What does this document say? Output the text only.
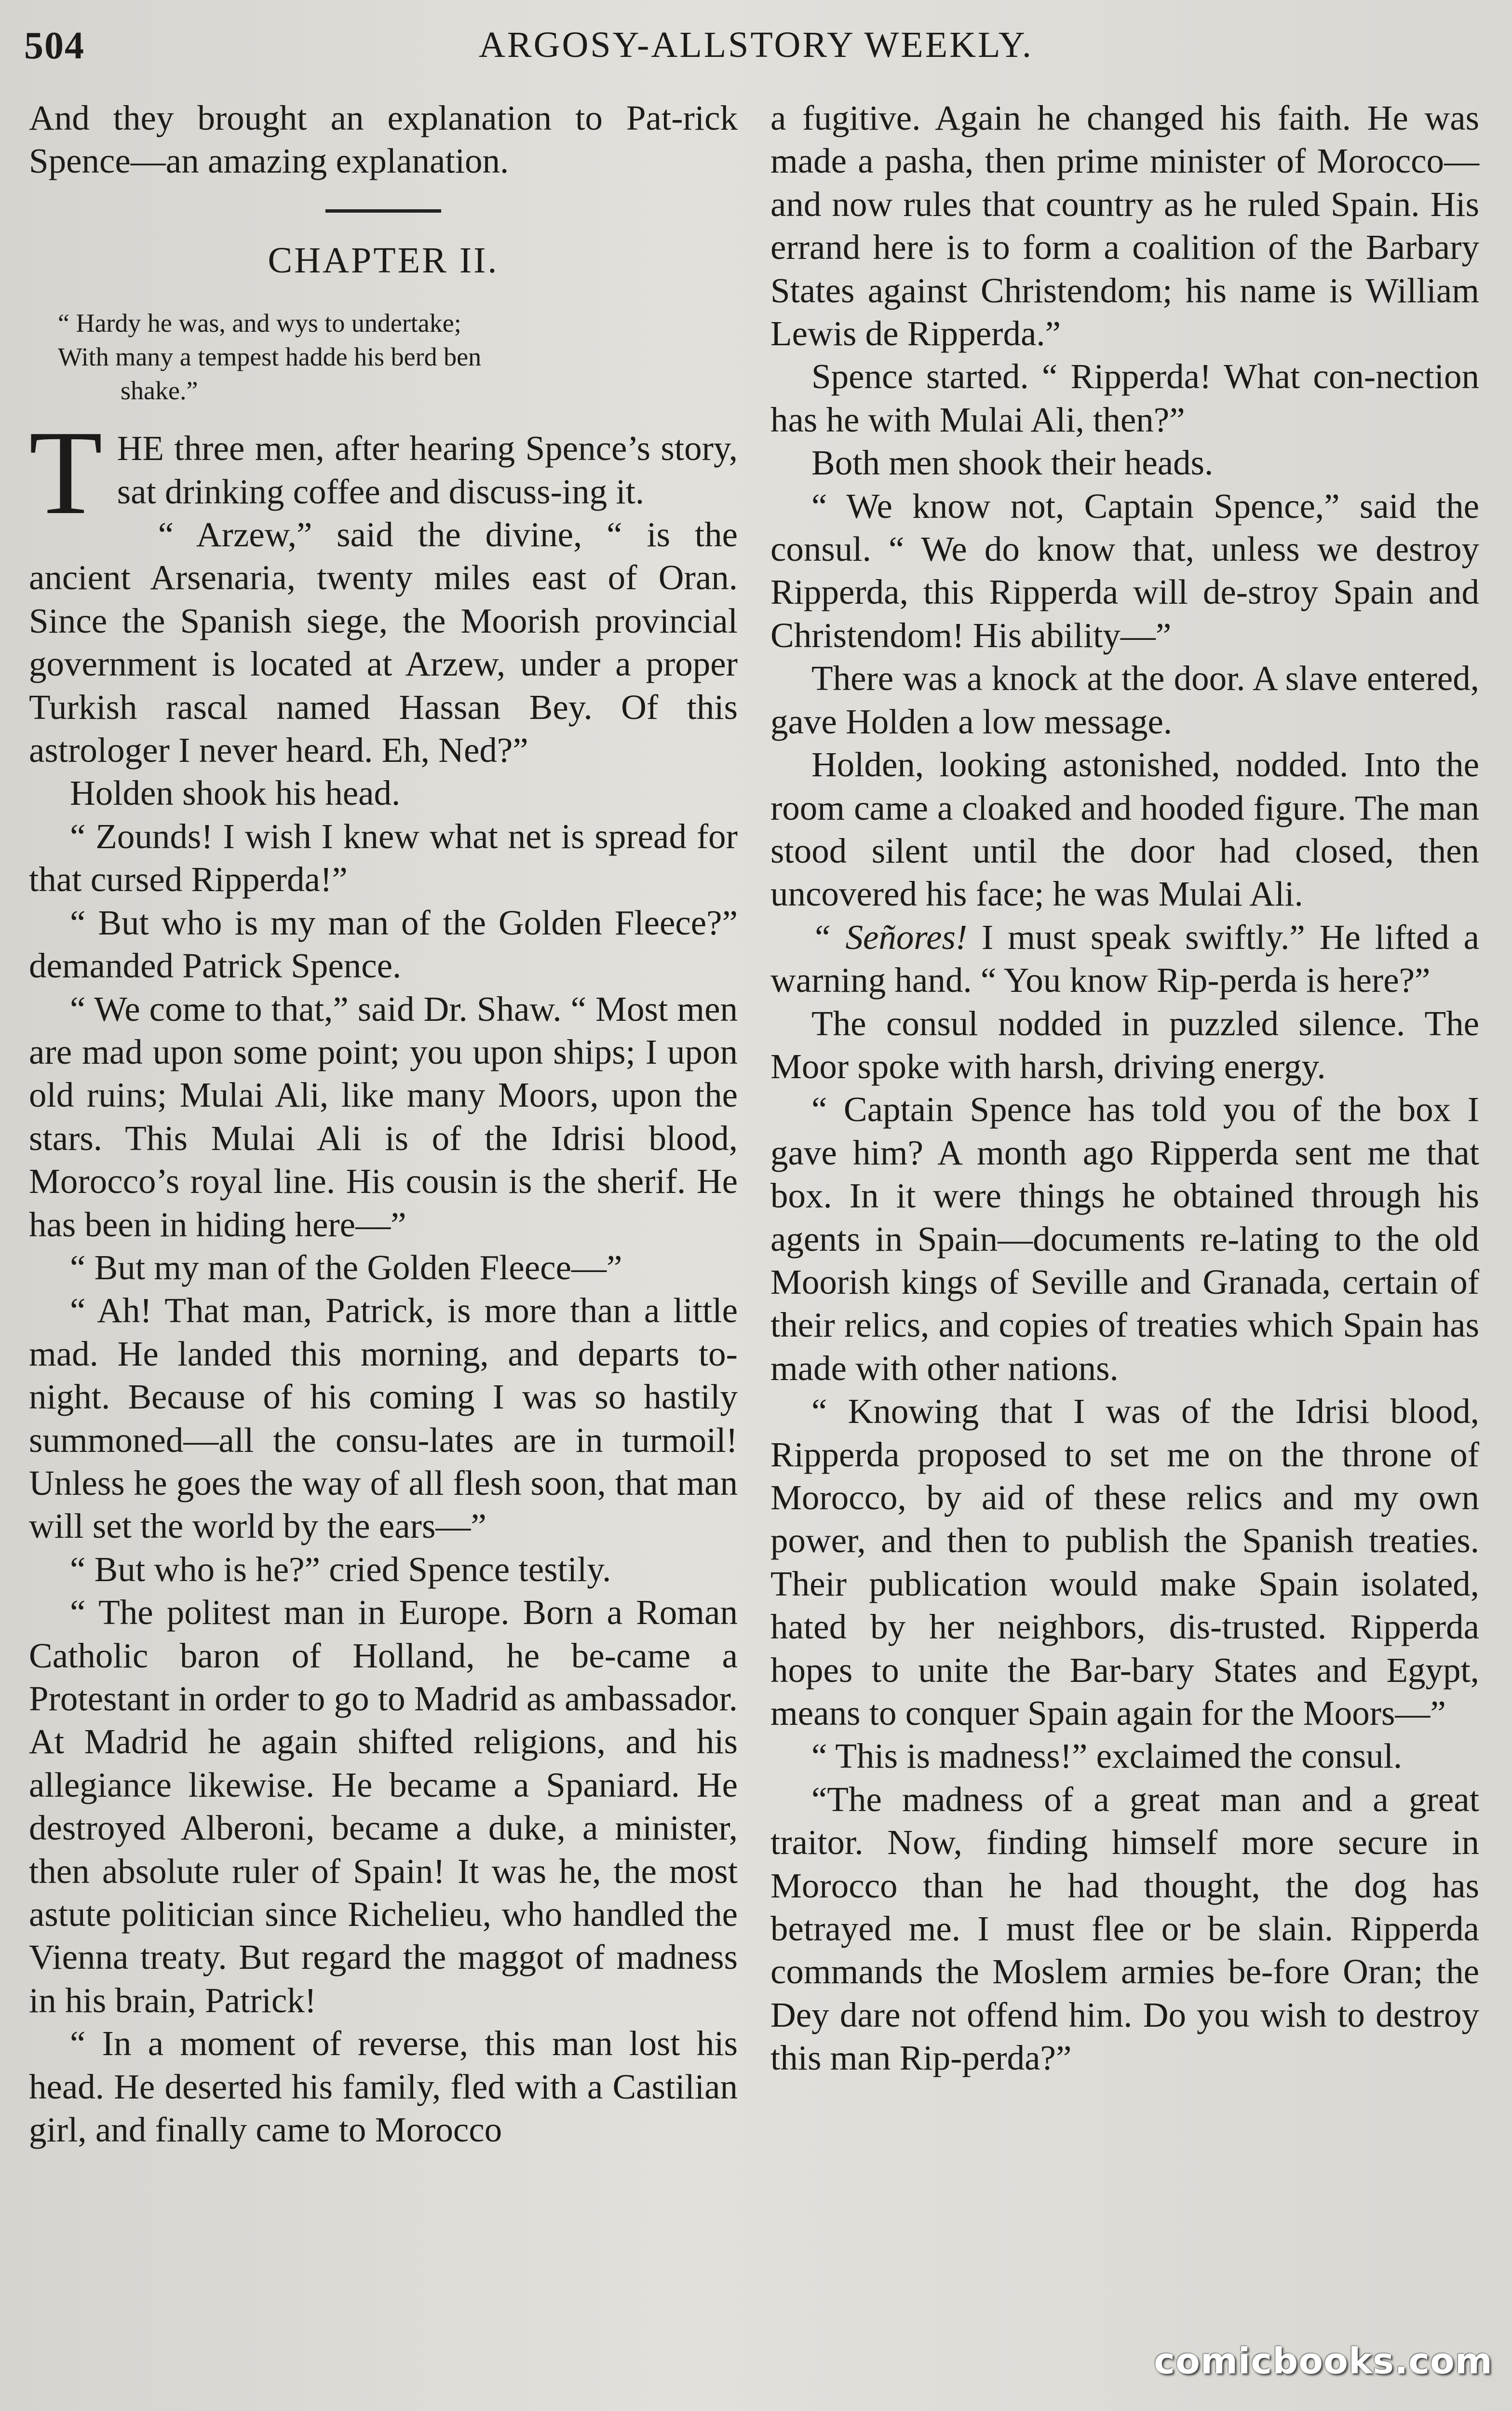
504	ARGOSY-ALLSTORY WEEKLY.

And they brought an explanation to Pat-rick Spence—an amazing explanation.

CHAPTER II.
“ Hardy he was, and wys to undertake;
With many a tempest hadde his berd ben
shake.”

THE three men, after hearing Spence’s story, sat drinking coffee and discuss-ing it.

“ Arzew,” said the divine, “ is the ancient Arsenaria, twenty miles east of Oran. Since the Spanish siege, the Moorish provincial government is located at Arzew, under a proper Turkish rascal named Hassan Bey. Of this astrologer I never heard. Eh, Ned?”

Holden shook his head.

“ Zounds! I wish I knew what net is spread for that cursed Ripperda!”

“ But who is my man of the Golden Fleece?” demanded Patrick Spence.

“ We come to that,” said Dr. Shaw. “ Most men are mad upon some point; you upon ships; I upon old ruins; Mulai Ali, like many Moors, upon the stars. This Mulai Ali is of the Idrisi blood, Morocco’s royal line. His cousin is the sherif. He has been in hiding here—”

“ But my man of the Golden Fleece—”

“ Ah! That man, Patrick, is more than a little mad. He landed this morning, and departs to-night. Because of his coming I was so hastily summoned—all the consu-lates are in turmoil! Unless he goes the way of all flesh soon, that man will set the world by the ears—”

“ But who is he?” cried Spence testily.

“ The politest man in Europe. Born a Roman Catholic baron of Holland, he be-came a Protestant in order to go to Madrid as ambassador. At Madrid he again shifted religions, and his allegiance likewise. He became a Spaniard. He destroyed Alberoni, became a duke, a minister, then absolute ruler of Spain! It was he, the most astute politician since Richelieu, who handled the Vienna treaty. But regard the maggot of madness in his brain, Patrick!

“ In a moment of reverse, this man lost his head. He deserted his family, fled with a Castilian girl, and finally came to Morocco

a fugitive. Again he changed his faith. He was made a pasha, then prime minister of Morocco—and now rules that country as he ruled Spain. His errand here is to form a coalition of the Barbary States against Christendom; his name is William Lewis de Ripperda.”

Spence started. “ Ripperda! What con-nection has he with Mulai Ali, then?”

Both men shook their heads.

“ We know not, Captain Spence,” said the consul. “ We do know that, unless we destroy Ripperda, this Ripperda will de-stroy Spain and Christendom! His ability—”

There was a knock at the door. A slave entered, gave Holden a low message.

Holden, looking astonished, nodded. Into the room came a cloaked and hooded figure. The man stood silent until the door had closed, then uncovered his face; he was Mulai Ali.

“ Señores! I must speak swiftly.” He lifted a warning hand. “ You know Rip-perda is here?”

The consul nodded in puzzled silence. The Moor spoke with harsh, driving energy.

“ Captain Spence has told you of the box I gave him? A month ago Ripperda sent me that box. In it were things he obtained through his agents in Spain—documents re-lating to the old Moorish kings of Seville and Granada, certain of their relics, and copies of treaties which Spain has made with other nations.

“ Knowing that I was of the Idrisi blood, Ripperda proposed to set me on the throne of Morocco, by aid of these relics and my own power, and then to publish the Spanish treaties. Their publication would make Spain isolated, hated by her neighbors, dis-trusted. Ripperda hopes to unite the Bar-bary States and Egypt, means to conquer Spain again for the Moors—”

“ This is madness!” exclaimed the consul.

“The madness of a great man and a great traitor. Now, finding himself more secure in Morocco than he had thought, the dog has betrayed me. I must flee or be slain. Ripperda commands the Moslem armies be-fore Oran; the Dey dare not offend him. Do you wish to destroy this man Rip-perda?”

comicbooks.com
